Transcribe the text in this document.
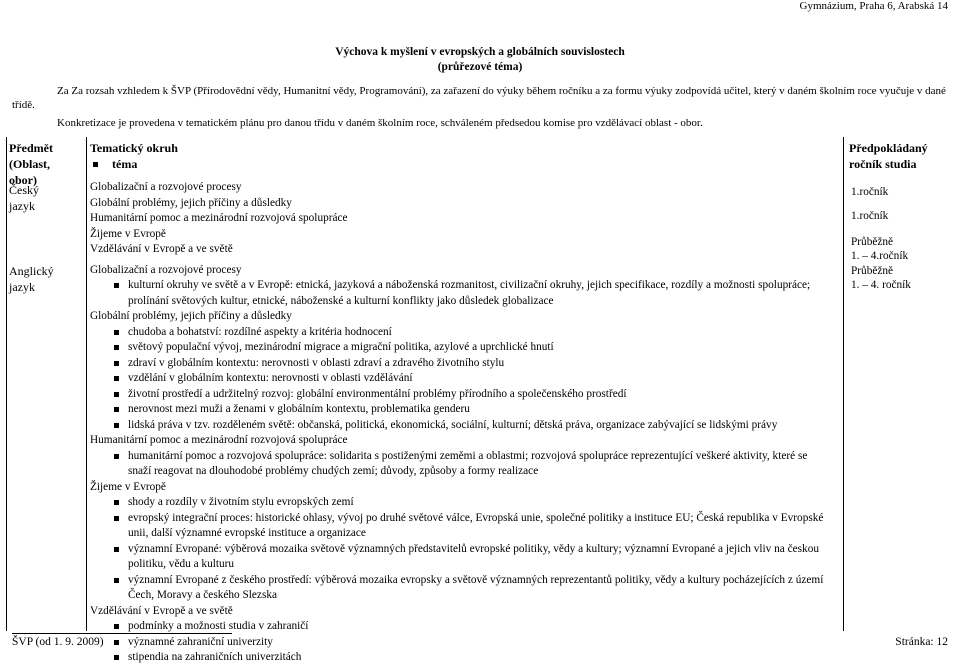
Gymnázium, Praha 6, Arabská 14
Výchova k myšlení v evropských a globálních souvislostech
(průřezové téma)

Za Za rozsah vzhledem k ŠVP (Přírodovědní vědy, Humanitní vědy, Programování), za zařazení do výuky během ročníku a za formu výuky zodpovídá učitel, který v daném školním roce vyučuje v dané třídě.

Konkretizace je provedena v tematickém plánu pro danou třídu v daném školním roce, schváleném předsedou komise pro vzdělávací oblast - obor.

Předmět
(Oblast,
obor)
Tematický okruh
téma
Předpokládaný
ročník studia
Český
jazyk
Anglický
jazyk
Globalizační a rozvojové procesy
Globální problémy, jejich příčiny a důsledky
Humanitární pomoc a mezinárodní rozvojová spolupráce
Žijeme v Evropě
Vzdělávání v Evropě a ve světě
Globalizační a rozvojové procesy
kulturní okruhy ve světě a v Evropě: etnická, jazyková a náboženská rozmanitost, civilizační okruhy, jejich specifikace, rozdíly a možnosti spolupráce; prolínání světových kultur, etnické, náboženské a kulturní konflikty jako důsledek globalizace
Globální problémy, jejich příčiny a důsledky
chudoba a bohatství: rozdílné aspekty a kritéria hodnocení
světový populační vývoj, mezinárodní migrace a migrační politika, azylové a uprchlické hnutí
zdraví v globálním kontextu: nerovnosti v oblasti zdraví a zdravého životního stylu
vzdělání v globálním kontextu: nerovnosti v oblasti vzdělávání
životní prostředí a udržitelný rozvoj: globální environmentální problémy přírodního a společenského prostředí
nerovnost mezi muži a ženami v globálním kontextu, problematika genderu
lidská práva v tzv. rozděleném světě: občanská, politická, ekonomická, sociální, kulturní; dětská práva, organizace zabývající se lidskými právy
Humanitární pomoc a mezinárodní rozvojová spolupráce
humanitární pomoc a rozvojová spolupráce: solidarita s postiženými zeměmi a oblastmi; rozvojová spolupráce reprezentující veškeré aktivity, které se snaží reagovat na dlouhodobé problémy chudých zemí; důvody, způsoby a formy realizace
Žijeme v Evropě
shody a rozdíly v životním stylu evropských zemí
evropský integrační proces: historické ohlasy, vývoj po druhé světové válce, Evropská unie, společné politiky a instituce EU; Česká republika v Evropské unii, další významné evropské instituce a organizace
významní Evropané: výběrová mozaika světově významných představitelů evropské politiky, vědy a kultury; významní Evropané a jejich vliv na českou politiku, vědu a kulturu
významní Evropané z českého prostředí: výběrová mozaika evropsky a světově významných reprezentantů politiky, vědy a kultury pocházejících z území Čech, Moravy a českého Slezska
Vzdělávání v Evropě a ve světě
podmínky a možnosti studia v zahraničí
významné zahraniční univerzity
stipendia na zahraničních univerzitách
1.ročník
1.ročník
Průběžně
1. – 4.ročník
Průběžně
1. – 4. ročník
ŠVP (od 1. 9. 2009)	Stránka: 12
